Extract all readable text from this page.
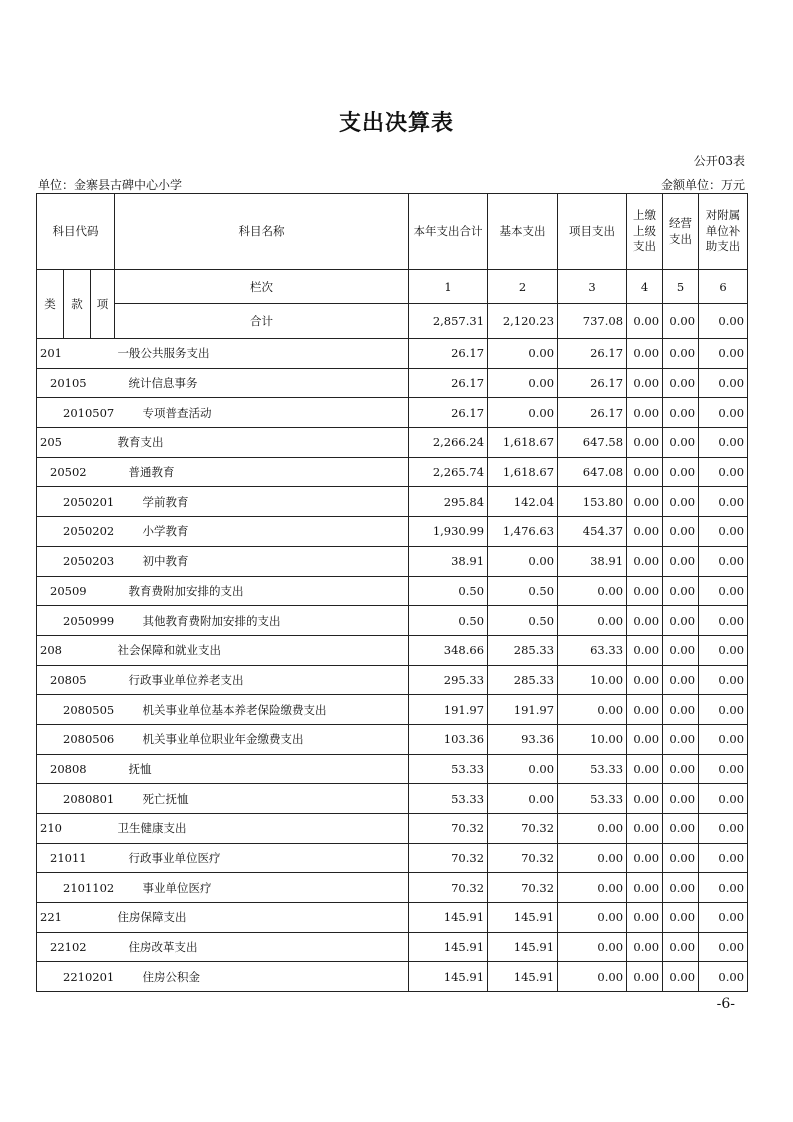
支出决算表
公开03表
单位：金寨县古碑中心小学	金额单位：万元
科目代码			科目名称	本年支出合计	基本支出	项目支出	上缴上级支出	经营支出	对附属单位补助支出
类	款	项	栏次	1	2	3	4	5	6
			合计	2,857.31	2,120.23	737.08	0.00	0.00	0.00
201			一般公共服务支出	26.17	0.00	26.17	0.00	0.00	0.00
20105			统计信息事务	26.17	0.00	26.17	0.00	0.00	0.00
2010507			专项普查活动	26.17	0.00	26.17	0.00	0.00	0.00
205			教育支出	2,266.24	1,618.67	647.58	0.00	0.00	0.00
20502			普通教育	2,265.74	1,618.67	647.08	0.00	0.00	0.00
2050201			学前教育	295.84	142.04	153.80	0.00	0.00	0.00
2050202			小学教育	1,930.99	1,476.63	454.37	0.00	0.00	0.00
2050203			初中教育	38.91	0.00	38.91	0.00	0.00	0.00
20509			教育费附加安排的支出	0.50	0.50	0.00	0.00	0.00	0.00
2050999			其他教育费附加安排的支出	0.50	0.50	0.00	0.00	0.00	0.00
208			社会保障和就业支出	348.66	285.33	63.33	0.00	0.00	0.00
20805			行政事业单位养老支出	295.33	285.33	10.00	0.00	0.00	0.00
2080505			机关事业单位基本养老保险缴费支出	191.97	191.97	0.00	0.00	0.00	0.00
2080506			机关事业单位职业年金缴费支出	103.36	93.36	10.00	0.00	0.00	0.00
20808			抚恤	53.33	0.00	53.33	0.00	0.00	0.00
2080801			死亡抚恤	53.33	0.00	53.33	0.00	0.00	0.00
210			卫生健康支出	70.32	70.32	0.00	0.00	0.00	0.00
21011			行政事业单位医疗	70.32	70.32	0.00	0.00	0.00	0.00
2101102			事业单位医疗	70.32	70.32	0.00	0.00	0.00	0.00
221			住房保障支出	145.91	145.91	0.00	0.00	0.00	0.00
22102			住房改革支出	145.91	145.91	0.00	0.00	0.00	0.00
2210201			住房公积金	145.91	145.91	0.00	0.00	0.00	0.00
-6-
